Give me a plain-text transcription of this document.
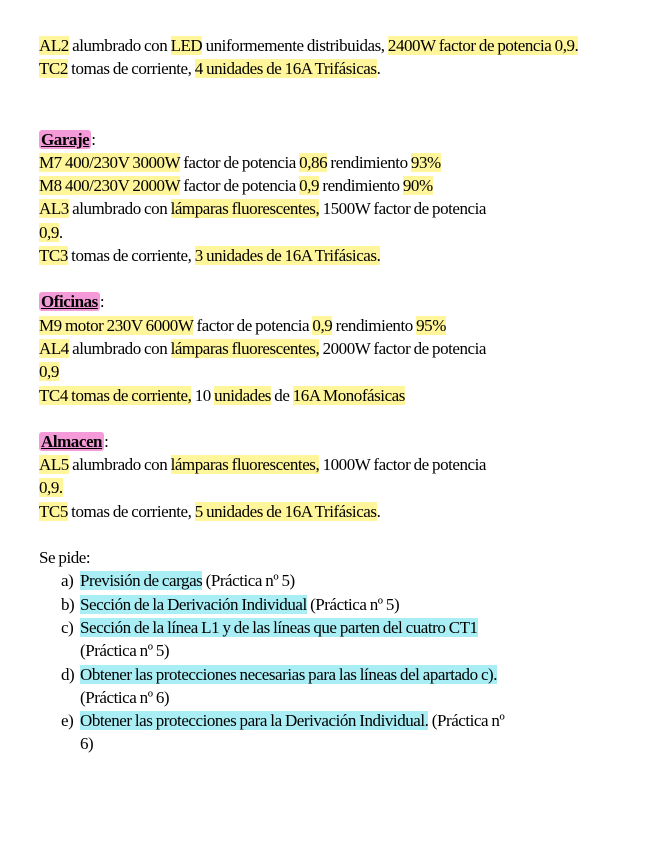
AL2 alumbrado con LED uniformemente distribuidas, 2400W factor de potencia 0,9.

TC2 tomas de corriente, 4 unidades de 16A Trifásicas.

Garaje :

M7 400/230V 3000W factor de potencia 0,86 rendimiento 93%

M8 400/230V 2000W factor de potencia 0,9 rendimiento 90%

AL3 alumbrado con lámparas fluorescentes, 1500W factor de potencia

0,9.

TC3 tomas de corriente, 3 unidades de 16A Trifásicas.

Oficinas :

M9 motor 230V 6000W factor de potencia 0,9 rendimiento 95%

AL4 alumbrado con lámparas fluorescentes, 2000W factor de potencia

0,9

TC4 tomas de corriente, 10 unidades de 16A Monofásicas

Almacen :

AL5 alumbrado con lámparas fluorescentes, 1000W factor de potencia

0,9.

TC5 tomas de corriente, 5 unidades de 16A Trifásicas.

Se pide:

a) Previsión de cargas (Práctica nº 5)
b) Sección de la Derivación Individual (Práctica nº 5)
c) Sección de la línea L1 y de las líneas que parten del cuatro CT1
(Práctica nº 5)
d) Obtener las protecciones necesarias para las líneas del apartado c).
(Práctica nº 6)
e) Obtener las protecciones para la Derivación Individual. (Práctica nº
6)
